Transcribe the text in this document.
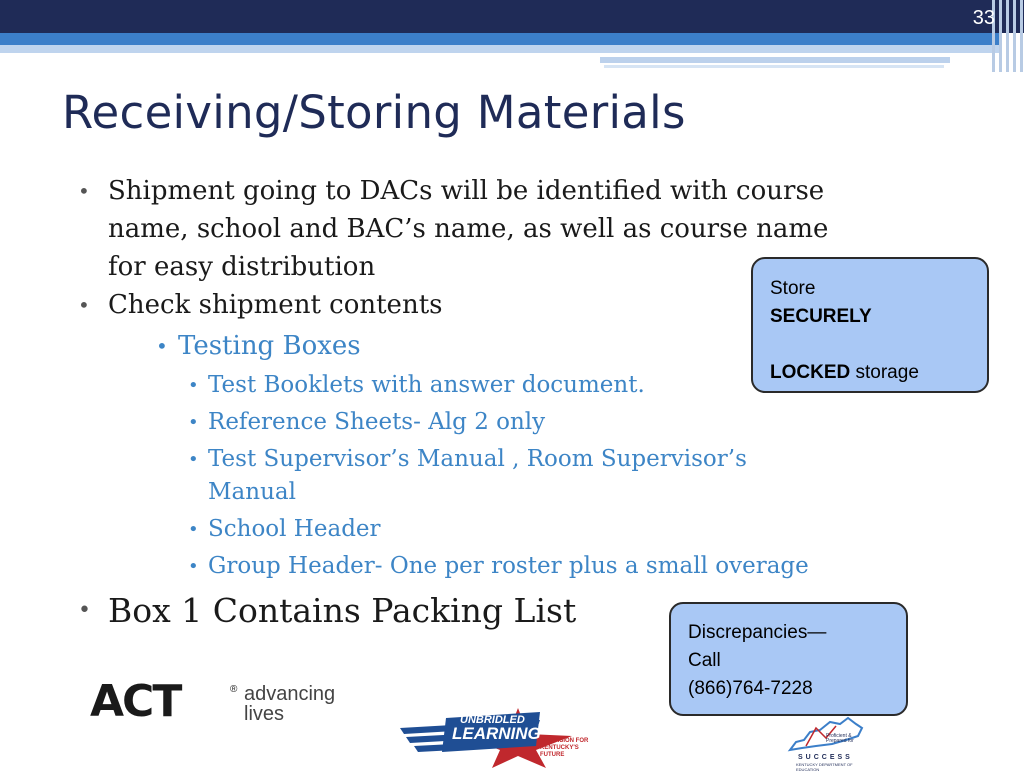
33
Receiving/Storing Materials

• Shipment going to DACs will be identified with course name, school and BAC’s name, as well as course name for easy distribution

• Check shipment contents

• Testing Boxes

• Test Booklets with answer document.

• Reference Sheets- Alg 2 only

• Test Supervisor’s Manual , Room Supervisor’s Manual

• School Header

• Group Header- One per roster plus a small overage

• Box 1 Contains Packing List

Store
SECURELY
LOCKED storage
Discrepancies—
Call
(866)764-7228
ACT	® advancing
lives	UNBRIDLED
LEARNING THE VISION FOR KENTUCKY'S FUTURE
Proficient & Prepared for
SUCCESS
KENTUCKY DEPARTMENT OF EDUCATION
